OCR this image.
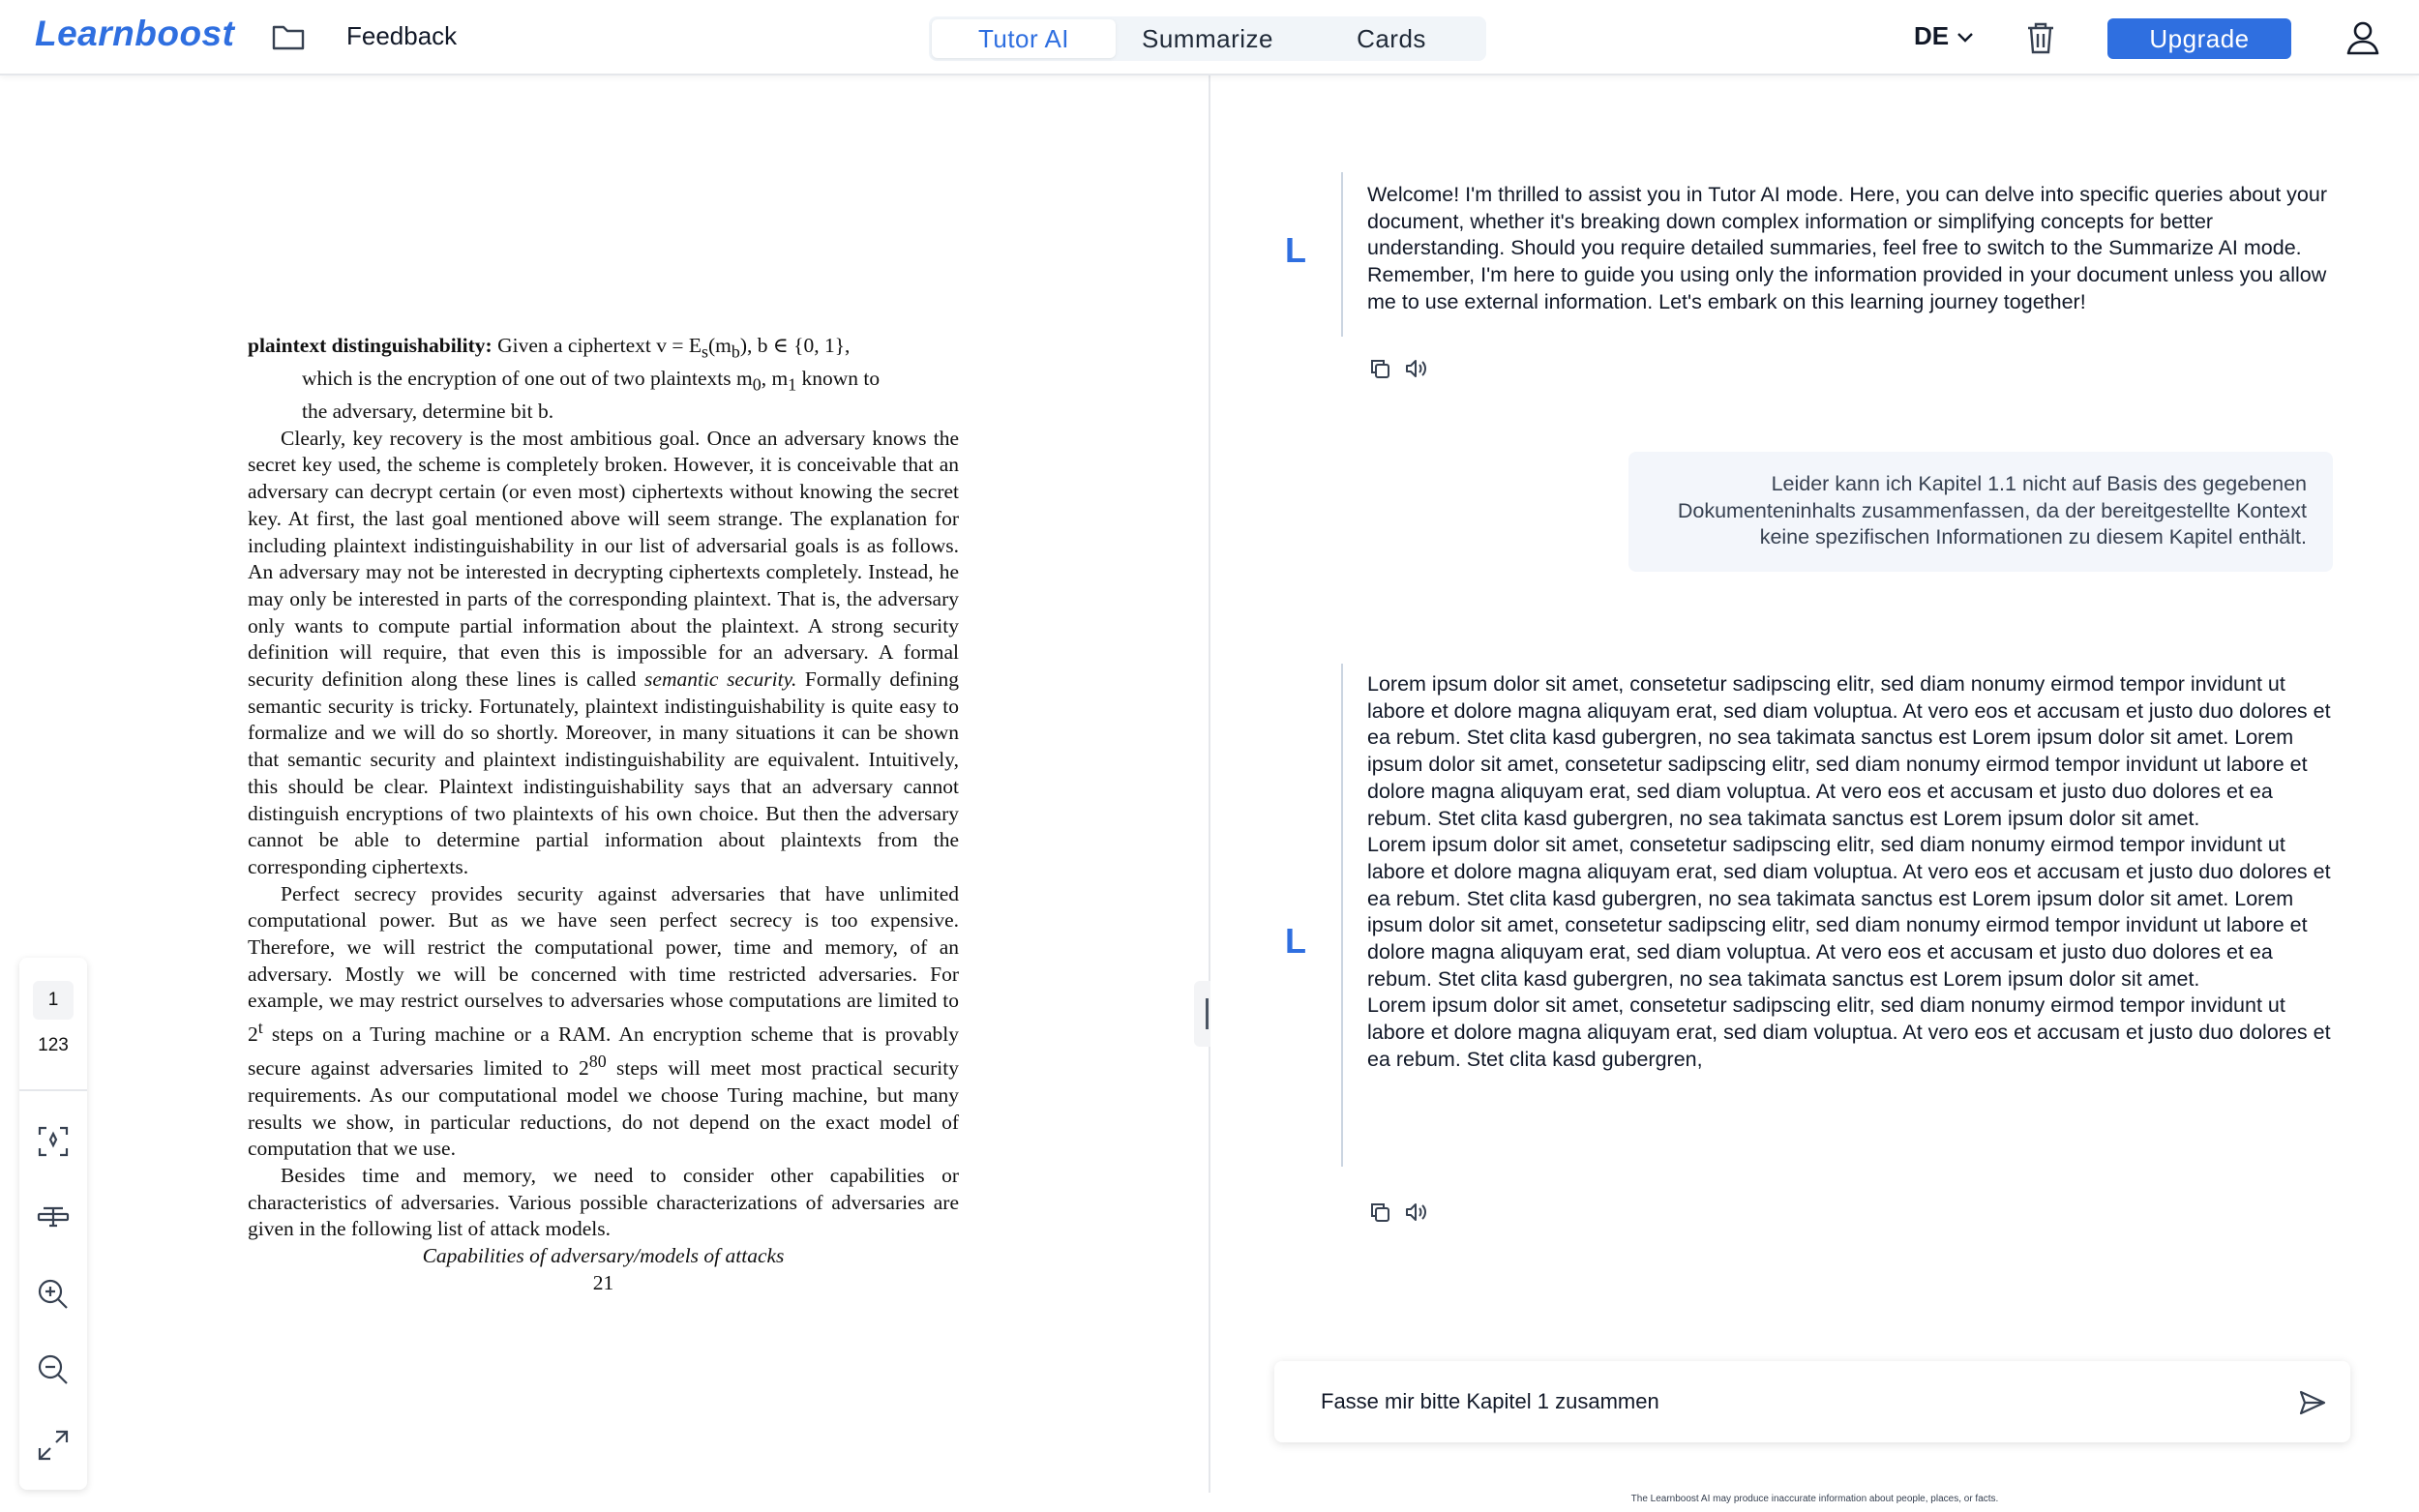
Learnboost	Feedback	Tutor AI	Summarize	Cards	DE	Upgrade

plaintext distinguishability: Given a ciphertext $v = E_s(m_b)$, b ∈ {0, 1},
which is the encryption of one out of two plaintexts $m_0$, $m_1$ known to
the adversary, determine bit b.

Clearly, key recovery is the most ambitious goal. Once an adversary knows the secret key used, the scheme is completely broken. However, it is conceivable that an adversary can decrypt certain (or even most) ciphertexts without knowing the secret key. At first, the last goal mentioned above will seem strange. The explanation for including plaintext indistinguishability in our list of adversarial goals is as follows. An adversary may not be interested in decrypting ciphertexts completely. Instead, he may only be interested in parts of the corresponding plaintext. That is, the adversary only wants to compute partial information about the plaintext. A strong security definition will require, that even this is impossible for an adversary. A formal security definition along these lines is called semantic security. Formally defining semantic security is tricky. Fortunately, plaintext indistinguishability is quite easy to formalize and we will do so shortly. Moreover, in many situations it can be shown that semantic security and plaintext indistinguishability are equivalent. Intuitively, this should be clear. Plaintext indistinguishability says that an adversary cannot distinguish encryptions of two plaintexts of his own choice. But then the adversary cannot be able to determine partial information about plaintexts from the corresponding ciphertexts.

Perfect secrecy provides security against adversaries that have unlimited computational power. But as we have seen perfect secrecy is too expensive. Therefore, we will restrict the computational power, time and memory, of an adversary. Mostly we will be concerned with time restricted adversaries. For example, we may restrict ourselves to adversaries whose computations are limited to 2$^t$ steps on a Turing machine or a RAM. An encryption scheme that is provably secure against adversaries limited to $2^{80}$ steps will meet most practical security requirements. As our computational model we choose Turing machine, but many results we show, in particular reductions, do not depend on the exact model of computation that we use.

Besides time and memory, we need to consider other capabilities or characteristics of adversaries. Various possible characterizations of adversaries are given in the following list of attack models.

Capabilities of adversary/models of attacks

21

1
123
L
Welcome! I'm thrilled to assist you in Tutor AI mode. Here, you can delve into specific queries about your document, whether it's breaking down complex information or simplifying concepts for better understanding. Should you require detailed summaries, feel free to switch to the Summarize AI mode. Remember, I'm here to guide you using only the information provided in your document unless you allow me to use external information. Let's embark on this learning journey together!
Leider kann ich Kapitel 1.1 nicht auf Basis des gegebenen Dokumenteninhalts zusammenfassen, da der bereitgestellte Kontext keine spezifischen Informationen zu diesem Kapitel enthält.
L
Lorem ipsum dolor sit amet, consetetur sadipscing elitr, sed diam nonumy eirmod tempor invidunt ut labore et dolore magna aliquyam erat, sed diam voluptua. At vero eos et accusam et justo duo dolores et ea rebum. Stet clita kasd gubergren, no sea takimata sanctus est Lorem ipsum dolor sit amet. Lorem ipsum dolor sit amet, consetetur sadipscing elitr, sed diam nonumy eirmod tempor invidunt ut labore et dolore magna aliquyam erat, sed diam voluptua. At vero eos et accusam et justo duo dolores et ea rebum. Stet clita kasd gubergren, no sea takimata sanctus est Lorem ipsum dolor sit amet.
Lorem ipsum dolor sit amet, consetetur sadipscing elitr, sed diam nonumy eirmod tempor invidunt ut labore et dolore magna aliquyam erat, sed diam voluptua. At vero eos et accusam et justo duo dolores et ea rebum. Stet clita kasd gubergren, no sea takimata sanctus est Lorem ipsum dolor sit amet. Lorem ipsum dolor sit amet, consetetur sadipscing elitr, sed diam nonumy eirmod tempor invidunt ut labore et dolore magna aliquyam erat, sed diam voluptua. At vero eos et accusam et justo duo dolores et ea rebum. Stet clita kasd gubergren, no sea takimata sanctus est Lorem ipsum dolor sit amet.
Lorem ipsum dolor sit amet, consetetur sadipscing elitr, sed diam nonumy eirmod tempor invidunt ut labore et dolore magna aliquyam erat, sed diam voluptua. At vero eos et accusam et justo duo dolores et ea rebum. Stet clita kasd gubergren,
Fasse mir bitte Kapitel 1 zusammen
The Learnboost AI may produce inaccurate information about people, places, or facts.
